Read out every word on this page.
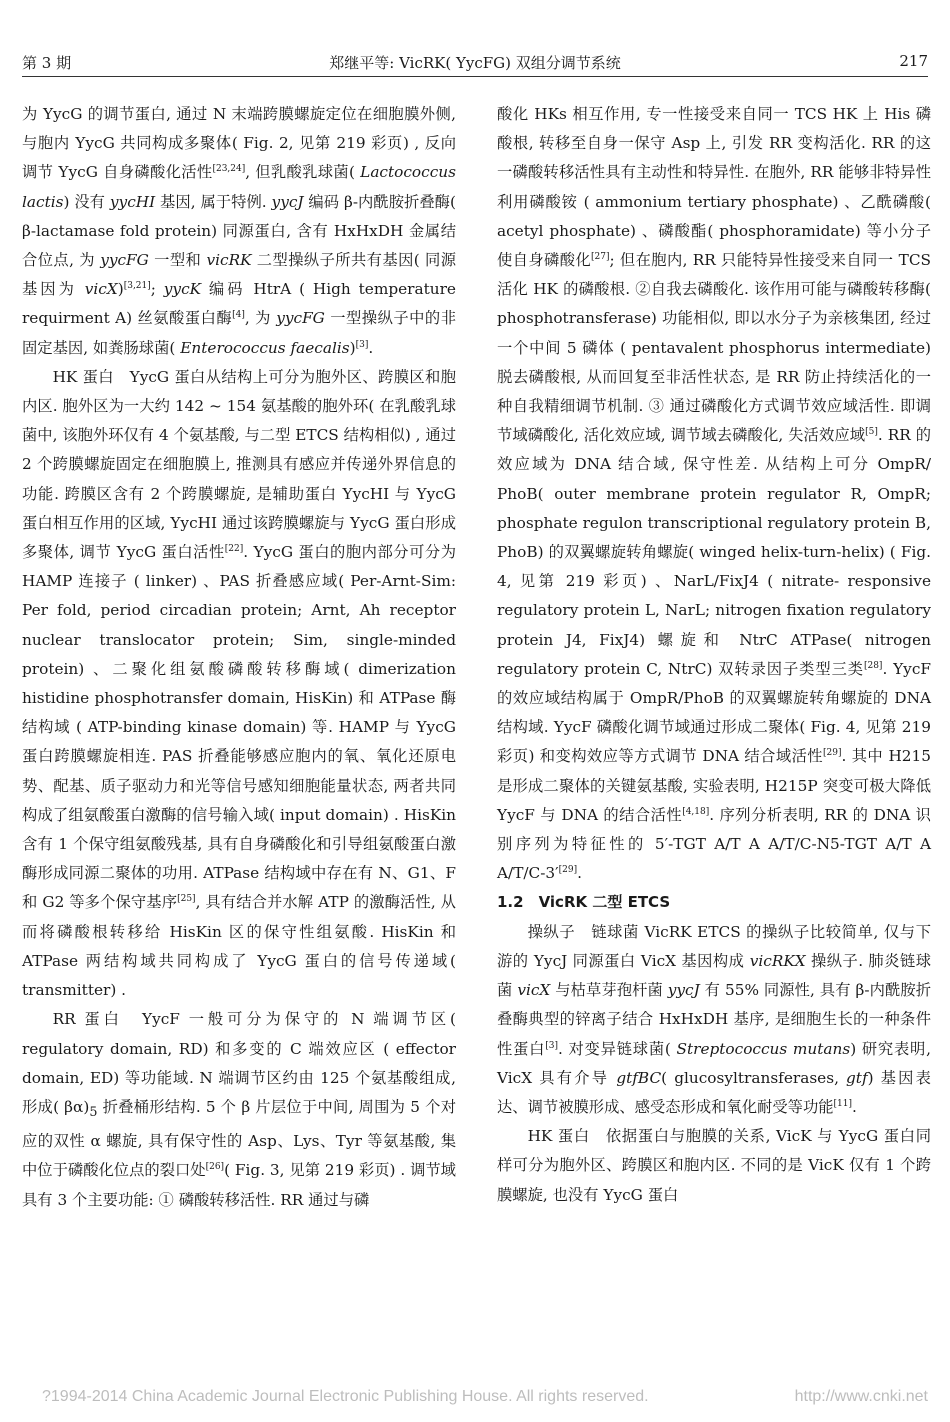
第 3 期	郑继平等: VicRK( YycFG) 双组分调节系统	217

为 YycG 的调节蛋白, 通过 N 末端跨膜螺旋定位在细胞膜外侧, 与胞内 YycG 共同构成多聚体( Fig. 2, 见第 219 彩页) , 反向调节 YycG 自身磷酸化活性[23,24], 但乳酸乳球菌( Lactococcus lactis) 没有 yycHI 基因, 属于特例. yycJ 编码 β-内酰胺折叠酶( β-lactamase fold protein) 同源蛋白, 含有 HxHxDH 金属结合位点, 为 yycFG 一型和 vicRK 二型操纵子所共有基因( 同源基因为 vicX)[3,21]; yycK 编码 HtrA ( High temperature requirment A) 丝氨酸蛋白酶[4], 为 yycFG 一型操纵子中的非固定基因, 如粪肠球菌( Enterococcus faecalis)[3].

HK 蛋白　YycG 蛋白从结构上可分为胞外区、跨膜区和胞内区. 胞外区为一大约 142 ~ 154 氨基酸的胞外环( 在乳酸乳球菌中, 该胞外环仅有 4 个氨基酸, 与二型 ETCS 结构相似) , 通过 2 个跨膜螺旋固定在细胞膜上, 推测具有感应并传递外界信息的功能. 跨膜区含有 2 个跨膜螺旋, 是辅助蛋白 YycHI 与 YycG 蛋白相互作用的区域, YycHI 通过该跨膜螺旋与 YycG 蛋白形成多聚体, 调节 YycG 蛋白活性[22]. YycG 蛋白的胞内部分可分为 HAMP 连接子 ( linker) 、PAS 折叠感应域( Per-Arnt-Sim: Per fold, period circadian protein; Arnt, Ah receptor nuclear translocator protein; Sim, single-minded protein) 、二聚化组氨酸磷酸转移酶域( dimerization histidine phosphotransfer domain, HisKin) 和 ATPase 酶结构域 ( ATP-binding kinase domain) 等. HAMP 与 YycG 蛋白跨膜螺旋相连. PAS 折叠能够感应胞内的氧、氧化还原电势、配基、质子驱动力和光等信号感知细胞能量状态, 两者共同构成了组氨酸蛋白激酶的信号输入域( input domain) . HisKin 含有 1 个保守组氨酸残基, 具有自身磷酸化和引导组氨酸蛋白激酶形成同源二聚体的功用. ATPase 结构域中存在有 N、G1、F 和 G2 等多个保守基序[25], 具有结合并水解 ATP 的激酶活性, 从而将磷酸根转移给 HisKin 区的保守性组氨酸. HisKin 和 ATPase 两结构域共同构成了 YycG 蛋白的信号传递域( transmitter) .

RR 蛋白　YycF 一般可分为保守的 N 端调节区( regulatory domain, RD) 和多变的 C 端效应区 ( effector domain, ED) 等功能域. N 端调节区约由 125 个氨基酸组成, 形成( $\beta\alpha)_5$ 折叠桶形结构. 5 个 β 片层位于中间, 周围为 5 个对应的双性 α 螺旋, 具有保守性的 Asp、Lys、Tyr 等氨基酸, 集中位于磷酸化位点的裂口处[26]( Fig. 3, 见第 219 彩页) . 调节域具有 3 个主要功能: ① 磷酸转移活性. RR 通过与磷

酸化 HKs 相互作用, 专一性接受来自同一 TCS HK 上 His 磷酸根, 转移至自身一保守 Asp 上, 引发 RR 变构活化. RR 的这一磷酸转移活性具有主动性和特异性. 在胞外, RR 能够非特异性利用磷酸铵 ( ammonium tertiary phosphate) 、乙酰磷酸( acetyl phosphate) 、磷酸酯( phosphoramidate) 等小分子使自身磷酸化[27]; 但在胞内, RR 只能特异性接受来自同一 TCS 活化 HK 的磷酸根. ②自我去磷酸化. 该作用可能与磷酸转移酶( phosphotransferase) 功能相似, 即以水分子为亲核集团, 经过一个中间 5 磷体 ( pentavalent phosphorus intermediate) 脱去磷酸根, 从而回复至非活性状态, 是 RR 防止持续活化的一种自我精细调节机制. ③ 通过磷酸化方式调节效应域活性. 即调节域磷酸化, 活化效应域, 调节域去磷酸化, 失活效应域[5]. RR 的效应域为 DNA 结合域, 保守性差. 从结构上可分 OmpR/ PhoB( outer membrane protein regulator R, OmpR; phosphate regulon transcriptional regulatory protein B, PhoB) 的双翼螺旋转角螺旋( winged helix-turn-helix) ( Fig. 4, 见第 219 彩页) 、NarL/FixJ4 ( nitrate- responsive regulatory protein L, NarL; nitrogen fixation regulatory protein J4, FixJ4) 螺旋和 NtrC ATPase( nitrogen regulatory protein C, NtrC) 双转录因子类型三类[28]. YycF 的效应域结构属于 OmpR/PhoB 的双翼螺旋转角螺旋的 DNA 结构域. YycF 磷酸化调节域通过形成二聚体( Fig. 4, 见第 219 彩页) 和变构效应等方式调节 DNA 结合域活性[29]. 其中 H215 是形成二聚体的关键氨基酸, 实验表明, H215P 突变可极大降低 YycF 与 DNA 的结合活性[4,18]. 序列分析表明, RR 的 DNA 识别序列为特征性的 5′-TGT A/T A A/T/C-N5-TGT A/T A A/T/C-3′[29].

1.2　VicRK 二型 ETCS

操纵子　链球菌 VicRK ETCS 的操纵子比较简单, 仅与下游的 YycJ 同源蛋白 VicX 基因构成 vicRKX 操纵子. 肺炎链球菌 vicX 与枯草芽孢杆菌 yycJ 有 55% 同源性, 具有 β-内酰胺折叠酶典型的锌离子结合 HxHxDH 基序, 是细胞生长的一种条件性蛋白[3]. 对变异链球菌( Streptococcus mutans) 研究表明, VicX 具有介导 gtfBC( glucosyltransferases, gtf) 基因表达、调节被膜形成、感受态形成和氧化耐受等功能[11].

HK 蛋白　依据蛋白与胞膜的关系, VicK 与 YycG 蛋白同样可分为胞外区、跨膜区和胞内区. 不同的是 VicK 仅有 1 个跨膜螺旋, 也没有 YycG 蛋白

?1994-2014 China Academic Journal Electronic Publishing House. All rights reserved.	http://www.cnki.net
